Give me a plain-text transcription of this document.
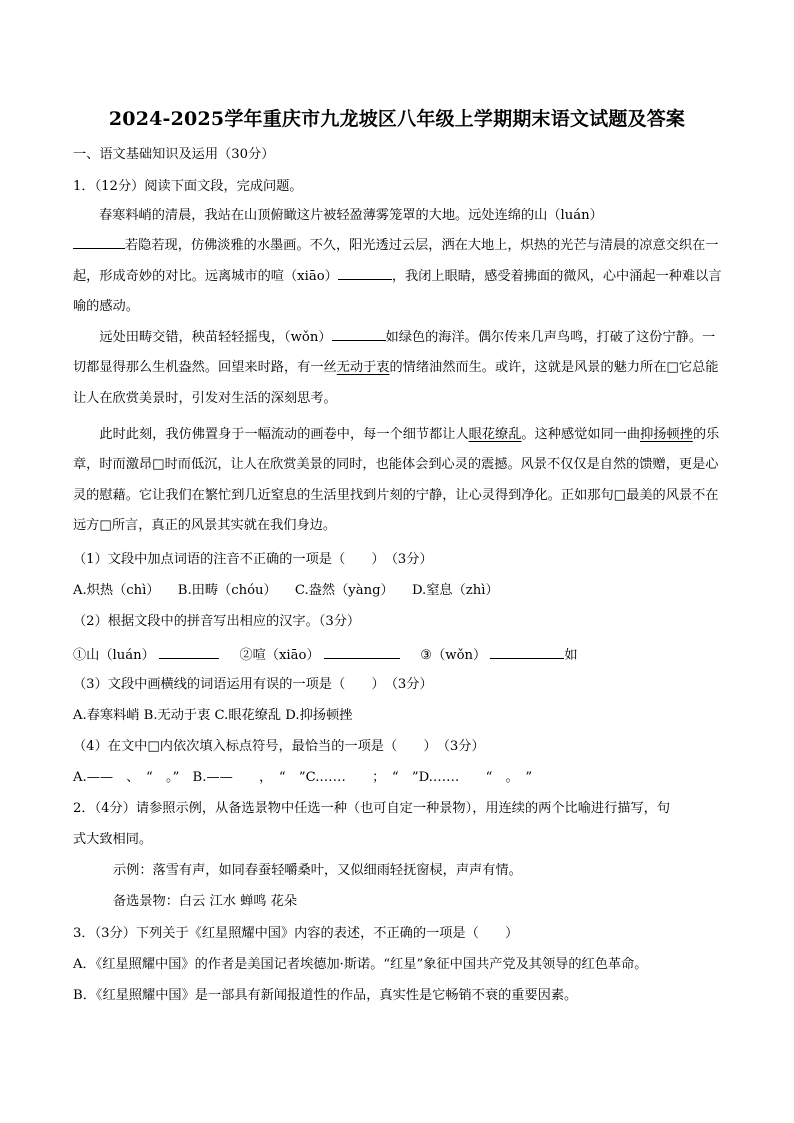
2024-2025学年重庆市九龙坡区八年级上学期期末语文试题及答案
一、语文基础知识及运用（30分）
1．（12分）阅读下面文段，完成问题。
春寒料峭的清晨，我站在山顶俯瞰这片被轻盈薄雾笼罩的大地。远处连绵的山（luán）
若隐若现，仿佛淡雅的水墨画。不久，阳光透过云层，洒在大地上，炽热的光芒与清晨的凉意交织在一起，形成奇妙的对比。远离城市的喧（xiāo）	，我闭上眼睛，感受着拂面的微风，心中涌起一种难以言喻的感动。
远处田畴交错，秧苗轻轻摇曳，（wǒn）	如绿色的海洋。偶尔传来几声鸟鸣，打破了这份宁静。一切都显得那么生机盎然。回望来时路，有一丝无动于衷的情绪油然而生。或许，这就是风景的魅力所在□它总能让人在欣赏美景时，引发对生活的深刻思考。
此时此刻，我仿佛置身于一幅流动的画卷中，每一个细节都让人眼花缭乱。这种感觉如同一曲抑扬顿挫的乐章，时而激昂□时而低沉，让人在欣赏美景的同时，也能体会到心灵的震撼。风景不仅仅是自然的馈赠，更是心灵的慰藉。它让我们在繁忙到几近窒息的生活里找到片刻的宁静，让心灵得到净化。正如那句□最美的风景不在远方□所言，真正的风景其实就在我们身边。
（1）文段中加点词语的注音不正确的一项是（　　）　（3分）
A.炽热（chì） B.田畴（chóu） C.盎然（yàng） D.窒息（zhì）
（2）根据文段中的拼音写出相应的汉字。（3分）
①山（luán）	②喧（xiāo）	③（wǒn）	如
（3）文段中画横线的词语运用有误的一项是（　　）　（3分）
A.春寒料峭 B.无动于衷 C.眼花缭乱 D.抑扬顿挫
（4）在文中□内依次填入标点符号，最恰当的一项是（　　）　（3分）
A.——　、　“　。”　B.——　　，　“　”C.……　　；　“　”D.……　　“　。　”
2．（4分）请参照示例，从备选景物中任选一种（也可自定一种景物），用连续的两个比喻进行描写，句
式大致相同。
示例：落雪有声，如同春蚕轻嚼桑叶，又似细雨轻抚窗棂，声声有情。
备选景物：白云 江水 蝉鸣 花朵
3．（3分）下列关于《红星照耀中国》内容的表述，不正确的一项是（　　）
A．《红星照耀中国》的作者是美国记者埃德加·斯诺。“红星”象征中国共产党及其领导的红色革命。
B．《红星照耀中国》是一部具有新闻报道性的作品，真实性是它畅销不衰的重要因素。
